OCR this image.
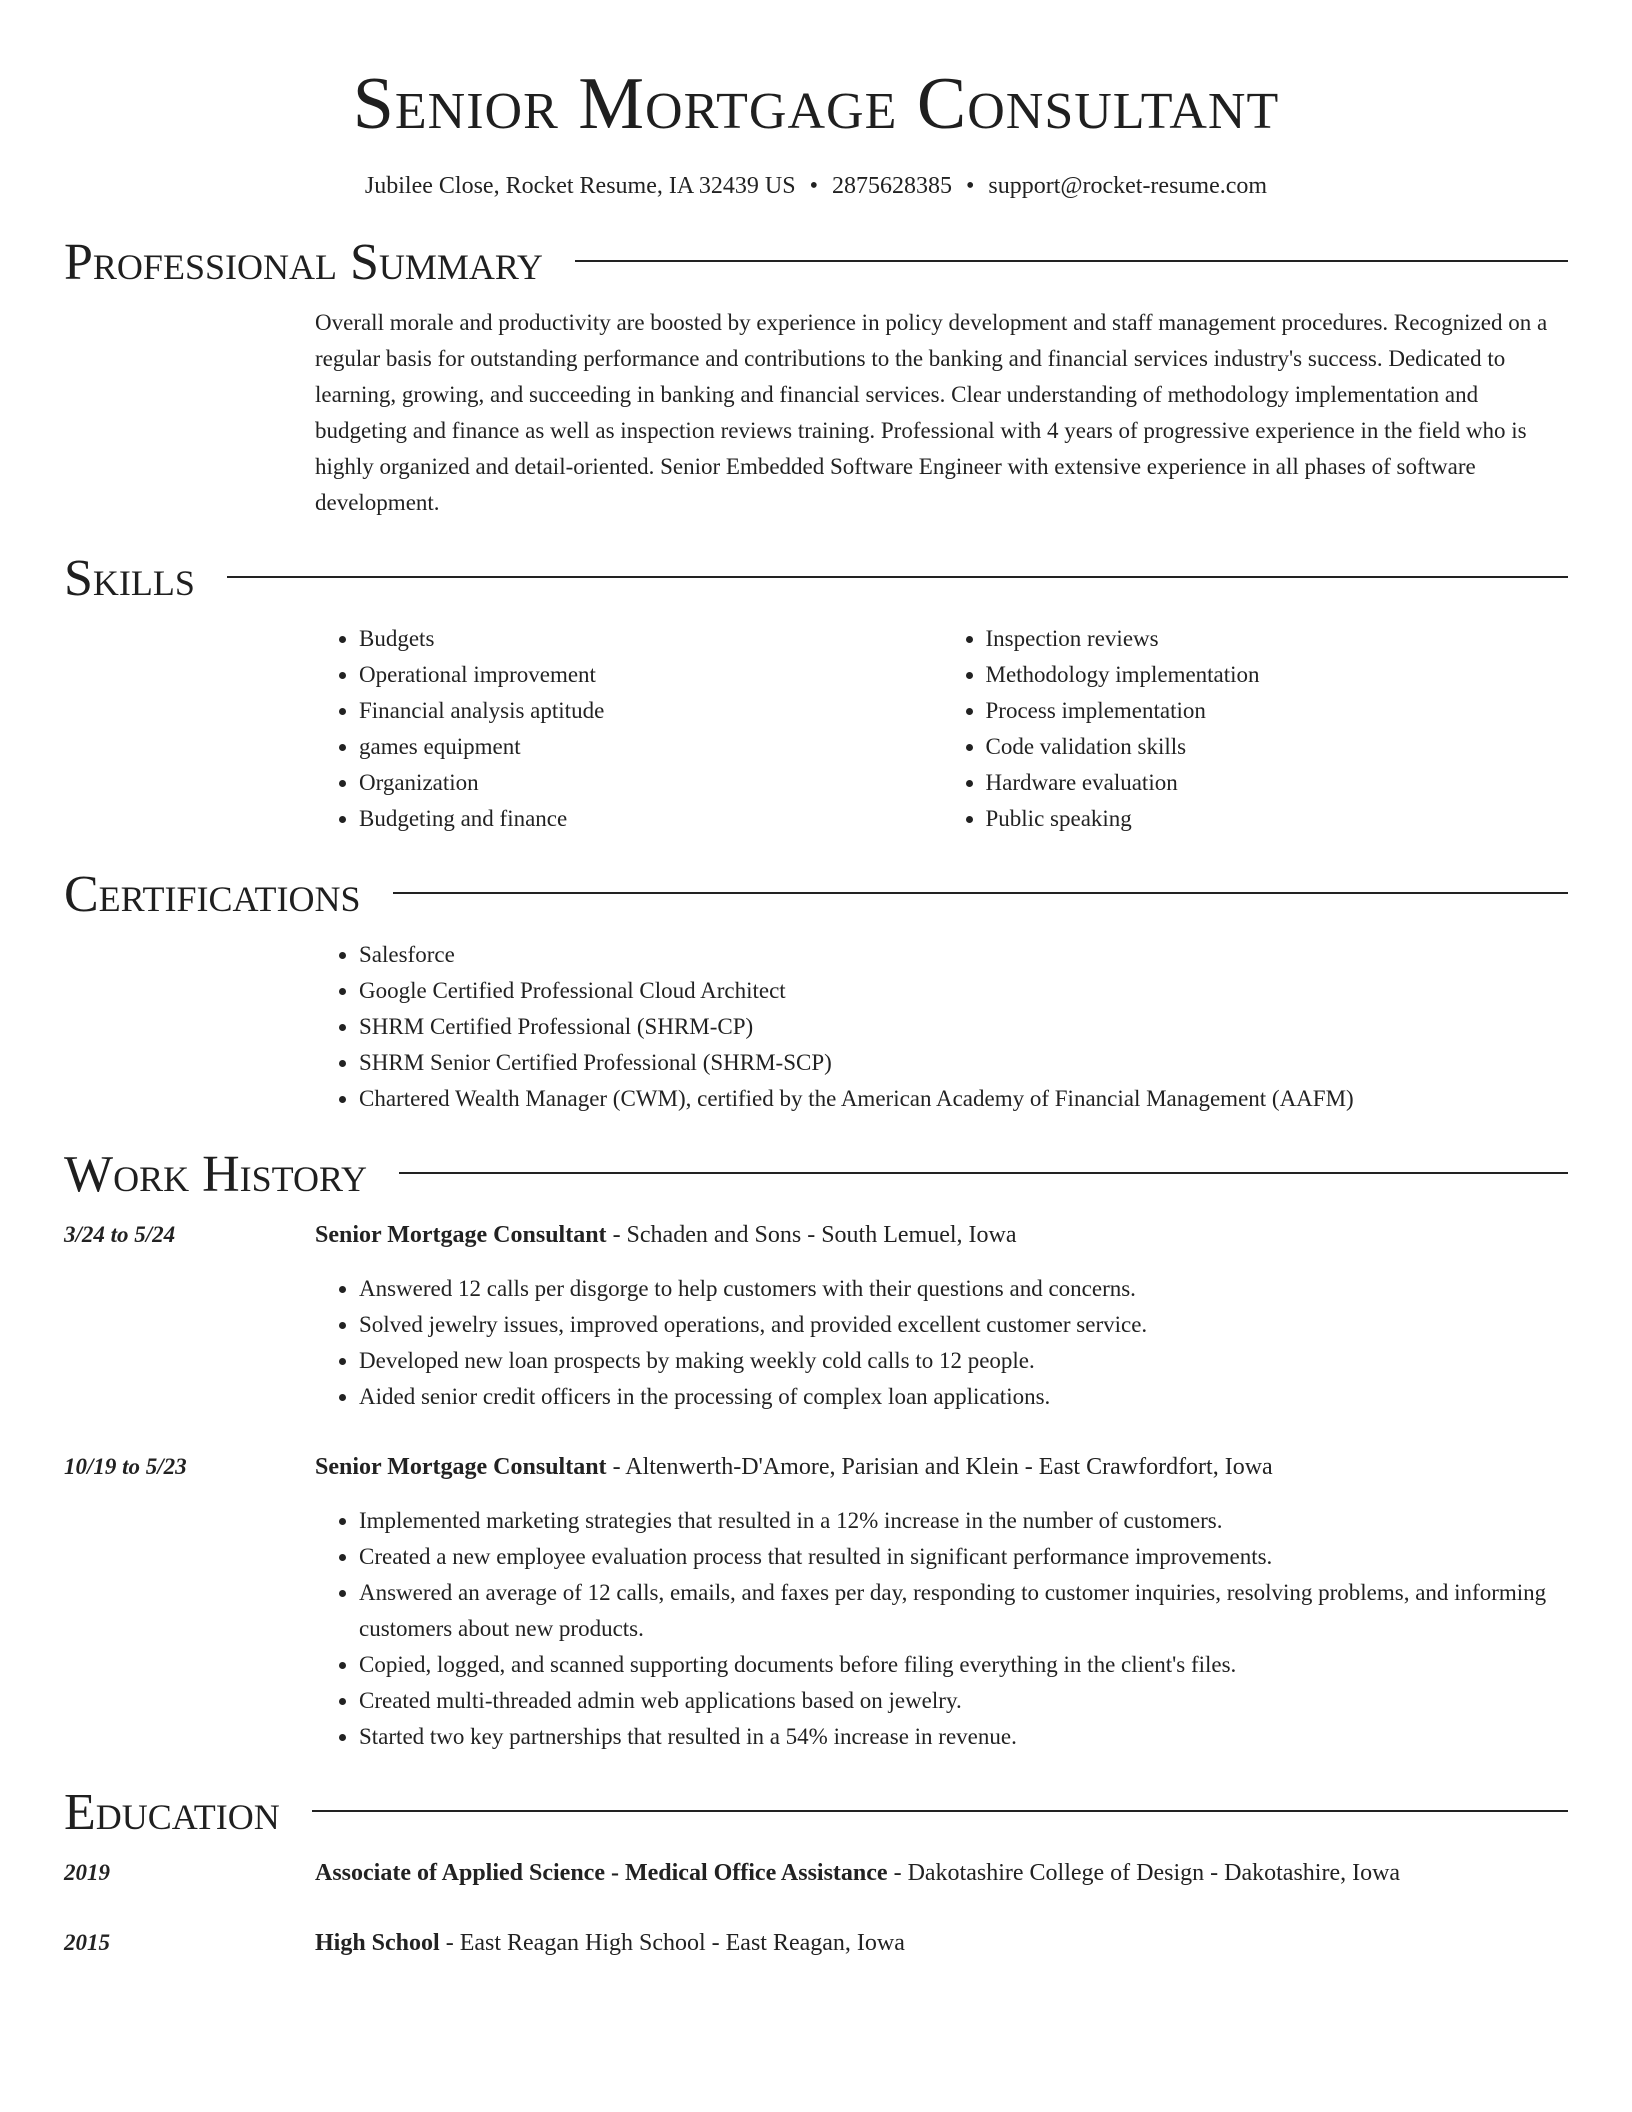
Senior Mortgage Consultant
Jubilee Close, Rocket Resume, IA 32439 US • 2875628385 • support@rocket-resume.com
Professional Summary

Overall morale and productivity are boosted by experience in policy development and staff management procedures. Recognized on a regular basis for outstanding performance and contributions to the banking and financial services industry's success. Dedicated to learning, growing, and succeeding in banking and financial services. Clear understanding of methodology implementation and budgeting and finance as well as inspection reviews training. Professional with 4 years of progressive experience in the field who is highly organized and detail-oriented. Senior Embedded Software Engineer with extensive experience in all phases of software development.

Skills
• Budgets
• Operational improvement
• Financial analysis aptitude
• games equipment
• Organization
• Budgeting and finance
• Inspection reviews
• Methodology implementation
• Process implementation
• Code validation skills
• Hardware evaluation
• Public speaking
Certifications
• Salesforce
• Google Certified Professional Cloud Architect
• SHRM Certified Professional (SHRM-CP)
• SHRM Senior Certified Professional (SHRM-SCP)
• Chartered Wealth Manager (CWM), certified by the American Academy of Financial Management (AAFM)
Work History
3/24 to 5/24	Senior Mortgage Consultant - Schaden and Sons - South Lemuel, Iowa
• Answered 12 calls per disgorge to help customers with their questions and concerns.
• Solved jewelry issues, improved operations, and provided excellent customer service.
• Developed new loan prospects by making weekly cold calls to 12 people.
• Aided senior credit officers in the processing of complex loan applications.
10/19 to 5/23	Senior Mortgage Consultant - Altenwerth-D'Amore, Parisian and Klein - East Crawfordfort, Iowa
• Implemented marketing strategies that resulted in a 12% increase in the number of customers.
• Created a new employee evaluation process that resulted in significant performance improvements.
• Answered an average of 12 calls, emails, and faxes per day, responding to customer inquiries, resolving problems, and informing customers about new products.
• Copied, logged, and scanned supporting documents before filing everything in the client's files.
• Created multi-threaded admin web applications based on jewelry.
• Started two key partnerships that resulted in a 54% increase in revenue.
Education
2019	Associate of Applied Science - Medical Office Assistance - Dakotashire College of Design - Dakotashire, Iowa
2015	High School - East Reagan High School - East Reagan, Iowa
